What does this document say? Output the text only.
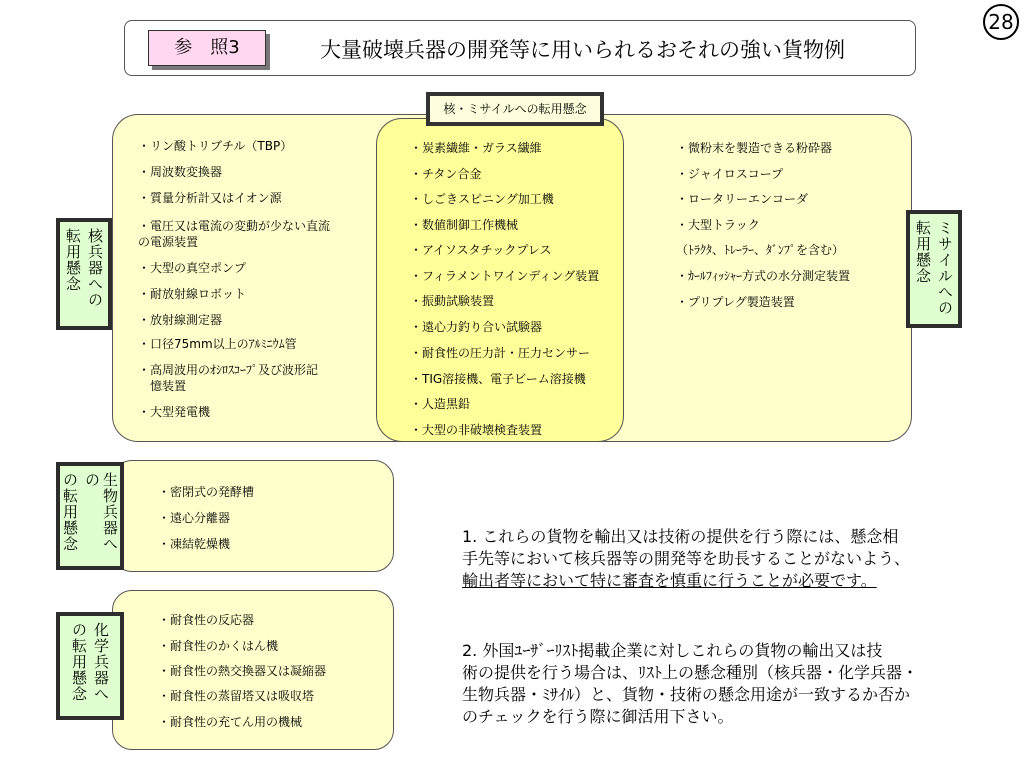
28
参　照3	大量破壊兵器の開発等に用いられるおそれの強い貨物例
核・ミサイルへの転用懸念
核兵器への
転用懸念	ミサイルへの
転用懸念
・リン酸トリブチル（TBP）
・周波数変換器
・質量分析計又はイオン源
・電圧又は電流の変動が少ない直流
の電源装置
・大型の真空ポンプ
・耐放射線ロボット
・放射線測定器
・口径75mm以上のｱﾙﾐﾆｳﾑ管
・高周波用のｵｼﾛｽｺｰﾌﾟ及び波形記
　憶装置
・大型発電機
・炭素繊維・ガラス繊維
・チタン合金
・しごきスピニング加工機
・数値制御工作機械
・アイソスタチックプレス
・フィラメントワインディング装置
・振動試験装置
・遠心力釣り合い試験器
・耐食性の圧力計・圧力センサー
・TIG溶接機、電子ビーム溶接機
・人造黒鉛
・大型の非破壊検査装置
・微粉末を製造できる粉砕器
・ジャイロスコープ
・ロータリーエンコーダ
・大型トラック
（ﾄﾗｸﾀ、ﾄﾚｰﾗｰ、ﾀﾞﾝﾌﾟを含む）
・ｶｰﾙﾌｨｯｼｬｰ方式の水分測定装置
・プリプレグ製造装置
生物兵器への
の転用懸念	・密閉式の発酵槽
・遠心分離器
・凍結乾燥機
化学兵器へ
の転用懸念
・耐食性の反応器
・耐食性のかくはん機
・耐食性の熱交換器又は凝縮器
・耐食性の蒸留塔又は吸収塔
・耐食性の充てん用の機械
1. これらの貨物を輸出又は技術の提供を行う際には、懸念相
手先等において核兵器等の開発等を助長することがないよう、
輸出者等において特に審査を慎重に行うことが必要です。
2. 外国ﾕｰｻﾞｰﾘｽﾄ掲載企業に対しこれらの貨物の輸出又は技
術の提供を行う場合は、ﾘｽﾄ上の懸念種別（核兵器・化学兵器・
生物兵器・ﾐｻｲﾙ）と、貨物・技術の懸念用途が一致するか否か
のチェックを行う際に御活用下さい。
